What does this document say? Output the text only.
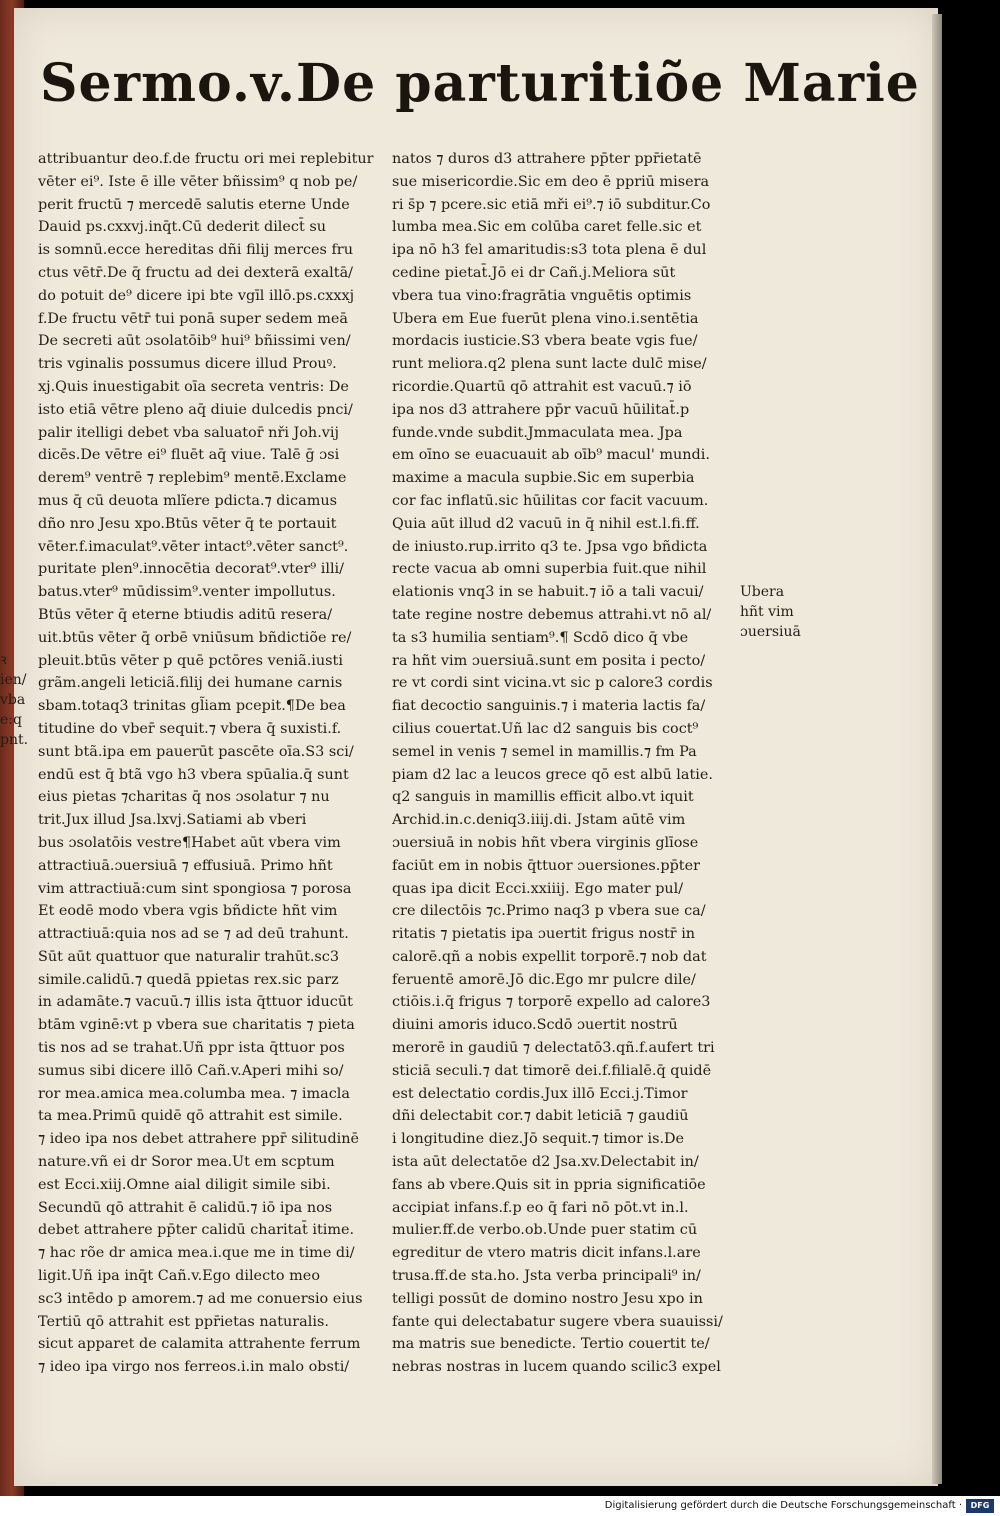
Sermo.v.De parturitiõe Marie
attribuantur deo.f.de fructu ori mei replebitur
vēter ei⁹. Iste ē ille vēter bñissim⁹ q nob pe/
perit fructū ⁊ mercedē salutis eterne Unde
Dauid ps.cxxvj.inq̄t.Cū dederit dilect̄ su
is somnū.ecce hereditas dñi filij merces fru
ctus vētr̄.De q̄ fructu ad dei dexterā exaltā/
do potuit de⁹ dicere ipi bte vgīl illō.ps.cxxxj
f.De fructu vētr̄ tui ponā super sedem meā
De secreti aūt ɔsolatōib⁹ hui⁹ bñissimi ven/
tris vginalis possumus dicere illud Prouꝰ.
xj.Quis inuestigabit oīa secreta ventris: De
isto etiā vētre pleno aq̄ diuie dulcedis pnci/
palir itelligi debet vba saluator̄ nři Joh.vij
dicēs.De vētre ei⁹ fluēt aq̄ viue. Talē ḡ ɔsi
derem⁹ ventrē ⁊ replebim⁹ mentē.Exclame
mus q̄ cū deuota mlĩere pdicta.⁊ dicamus
dño nro Jesu xpo.Btūs vēter q̄ te portauit
vēter.f.imaculat⁹.vēter intact⁹.vēter sanct⁹.
puritate plen⁹.innocētia decorat⁹.vter⁹ illi/
batus.vter⁹ mūdissim⁹.venter impollutus.
Btūs vēter q̄ eterne btiudis aditū resera/
uit.btūs vēter q̄ orbē vniūsum bñdictiõe re/
pleuit.btūs vēter p quē pctōres veniã.iusti
grãm.angeli leticiã.filij dei humane carnis
sbam.totaq3 trinitas gl̃iam pcepit.¶De bea
titudine do vber̄ sequit.⁊ vbera q̄ suxisti.f.
sunt btã.ipa em pauerūt pascēte oīa.S3 sci/
endū est q̄ btã vgo h3 vbera spūalia.q̄ sunt
eius pietas ⁊charitas q̄ nos ɔsolatur ⁊ nu
trit.Jux illud Jsa.lxvj.Satiami ab vberi
bus ɔsolatōis vestre¶Habet aūt vbera vim
attractiuā.ɔuersiuā ⁊ effusiuā. Primo hñt
vim attractiuā:cum sint spongiosa ⁊ porosa
Et eodē modo vbera vgis bñdicte hñt vim
attractiuā:quia nos ad se ⁊ ad deū trahunt.
Sūt aūt quattuor que naturalir trahūt.sc3
simile.calidū.⁊ quedā ppietas rex.sic parz
in adamāte.⁊ vacuū.⁊ illis ista q̄ttuor iducūt
btām vginē:vt p vbera sue charitatis ⁊ pieta
tis nos ad se trahat.Uñ ppr ista q̄ttuor pos
sumus sibi dicere illō Cañ.v.Aperi mihi so/
ror mea.amica mea.columba mea. ⁊ imacla
ta mea.Primū quidē qō attrahit est simile.
⁊ ideo ipa nos debet attrahere ppr̄ silitudinē
nature.vñ ei dr Soror mea.Ut em scptum
est Ecci.xiij.Omne aial diligit simile sibi.
Secundū qō attrahit ē calidū.⁊ iō ipa nos
debet attrahere pp̄ter calidū charitat̄ itime.
⁊ hac rõe dr amica mea.i.que me in time di/
ligit.Uñ ipa inq̄t Cañ.v.Ego dilecto meo
sc3 intēdo p amorem.⁊ ad me conuersio eius
Tertiū qō attrahit est ppr̄ietas naturalis.
sicut apparet de calamita attrahente ferrum
⁊ ideo ipa virgo nos ferreos.i.in malo obsti/
natos ⁊ duros d3 attrahere pp̄ter ppr̄ietatē
sue misericordie.Sic em deo ē ppriū misera
ri s̄p ⁊ pcere.sic etiā mři ei⁹.⁊ iō subditur.Co
lumba mea.Sic em colūba caret felle.sic et
ipa nō h3 fel amaritudis:s3 tota plena ē dul
cedine pietat̄.Jō ei dr Cañ.j.Meliora sūt
vbera tua vino:fragrātia vnguētis optimis
Ubera em Eue fuerūt plena vino.i.sentētia
mordacis iusticie.S3 vbera beate vgis fue/
runt meliora.q2 plena sunt lacte dulc̄ mise/
ricordie.Quartū qō attrahit est vacuū.⁊ iō
ipa nos d3 attrahere pp̄r vacuū hūilitat̄.p
funde.vnde subdit.Jmmaculata mea. Jpa
em oīno se euacuauit ab oīb⁹ macul' mundi.
maxime a macula supbie.Sic em superbia
cor fac inflatū.sic hūilitas cor facit vacuum.
Quia aūt illud d2 vacuū in q̄ nihil est.l.fi.ff.
de iniusto.rup.irrito q3 te. Jpsa vgo bñdicta
recte vacua ab omni superbia fuit.que nihil
elationis vnq3 in se habuit.⁊ iō a tali vacui/
tate regine nostre debemus attrahi.vt nō al/
ta s3 humilia sentiam⁹.¶ Scdō dico q̄ vbe
ra hñt vim ɔuersiuā.sunt em posita i pecto/
re vt cordi sint vicina.vt sic p calore3 cordis
fiat decoctio sanguinis.⁊ i materia lactis fa/
cilius couertat.Uñ lac d2 sanguis bis coct⁹
semel in venis ⁊ semel in mamillis.⁊ fm Pa
piam d2 lac a leucos grece qō est albū latie.
q2 sanguis in mamillis efficit albo.vt iquit
Archid.in.c.deniq3.iiij.di. Jstam aūtē vim
ɔuersiuā in nobis hñt vbera virginis glīose
faciūt em in nobis q̄ttuor ɔuersiones.pp̄ter
quas ipa dicit Ecci.xxiiij. Ego mater pul/
cre dilectōis ⁊c.Primo naq3 p vbera sue ca/
ritatis ⁊ pietatis ipa ɔuertit frigus nostr̄ in
calorē.qñ a nobis expellit torporē.⁊ nob dat
feruentē amorē.Jō dic.Ego mr pulcre dile/
ctiōis.i.q̄ frigus ⁊ torporē expello ad calore3
diuini amoris iduco.Scdō ɔuertit nostrū
merorē in gaudiū ⁊ delectatō3.qñ.f.aufert tri
sticiā seculi.⁊ dat timorē dei.f.filialē.q̄ quidē
est delectatio cordis.Jux illō Ecci.j.Timor
dñi delectabit cor.⁊ dabit leticiā ⁊ gaudiū
i longitudine diez.Jō sequit.⁊ timor is.De
ista aūt delectatōe d2 Jsa.xv.Delectabit in/
fans ab vbere.Quis sit in ppria significatiōe
accipiat infans.f.p eo q̄ fari nō pōt.vt in.l.
mulier.ff.de verbo.ob.Unde puer statim cū
egreditur de vtero matris dicit infans.l.are
trusa.ff.de sta.ho. Jsta verba principali⁹ in/
telligi possūt de domino nostro Jesu xpo in
fante qui delectabatur sugere vbera suauissi/
ma matris sue benedicte. Tertio couertit te/
nebras nostras in lucem quando scilic3 expel
Ubera
hñt vim
ɔuersiuā
ꝛ
ien/
vba
e:q
pnt.
Digitalisierung gefördert durch die Deutsche Forschungsgemeinschaft ·	DFG
